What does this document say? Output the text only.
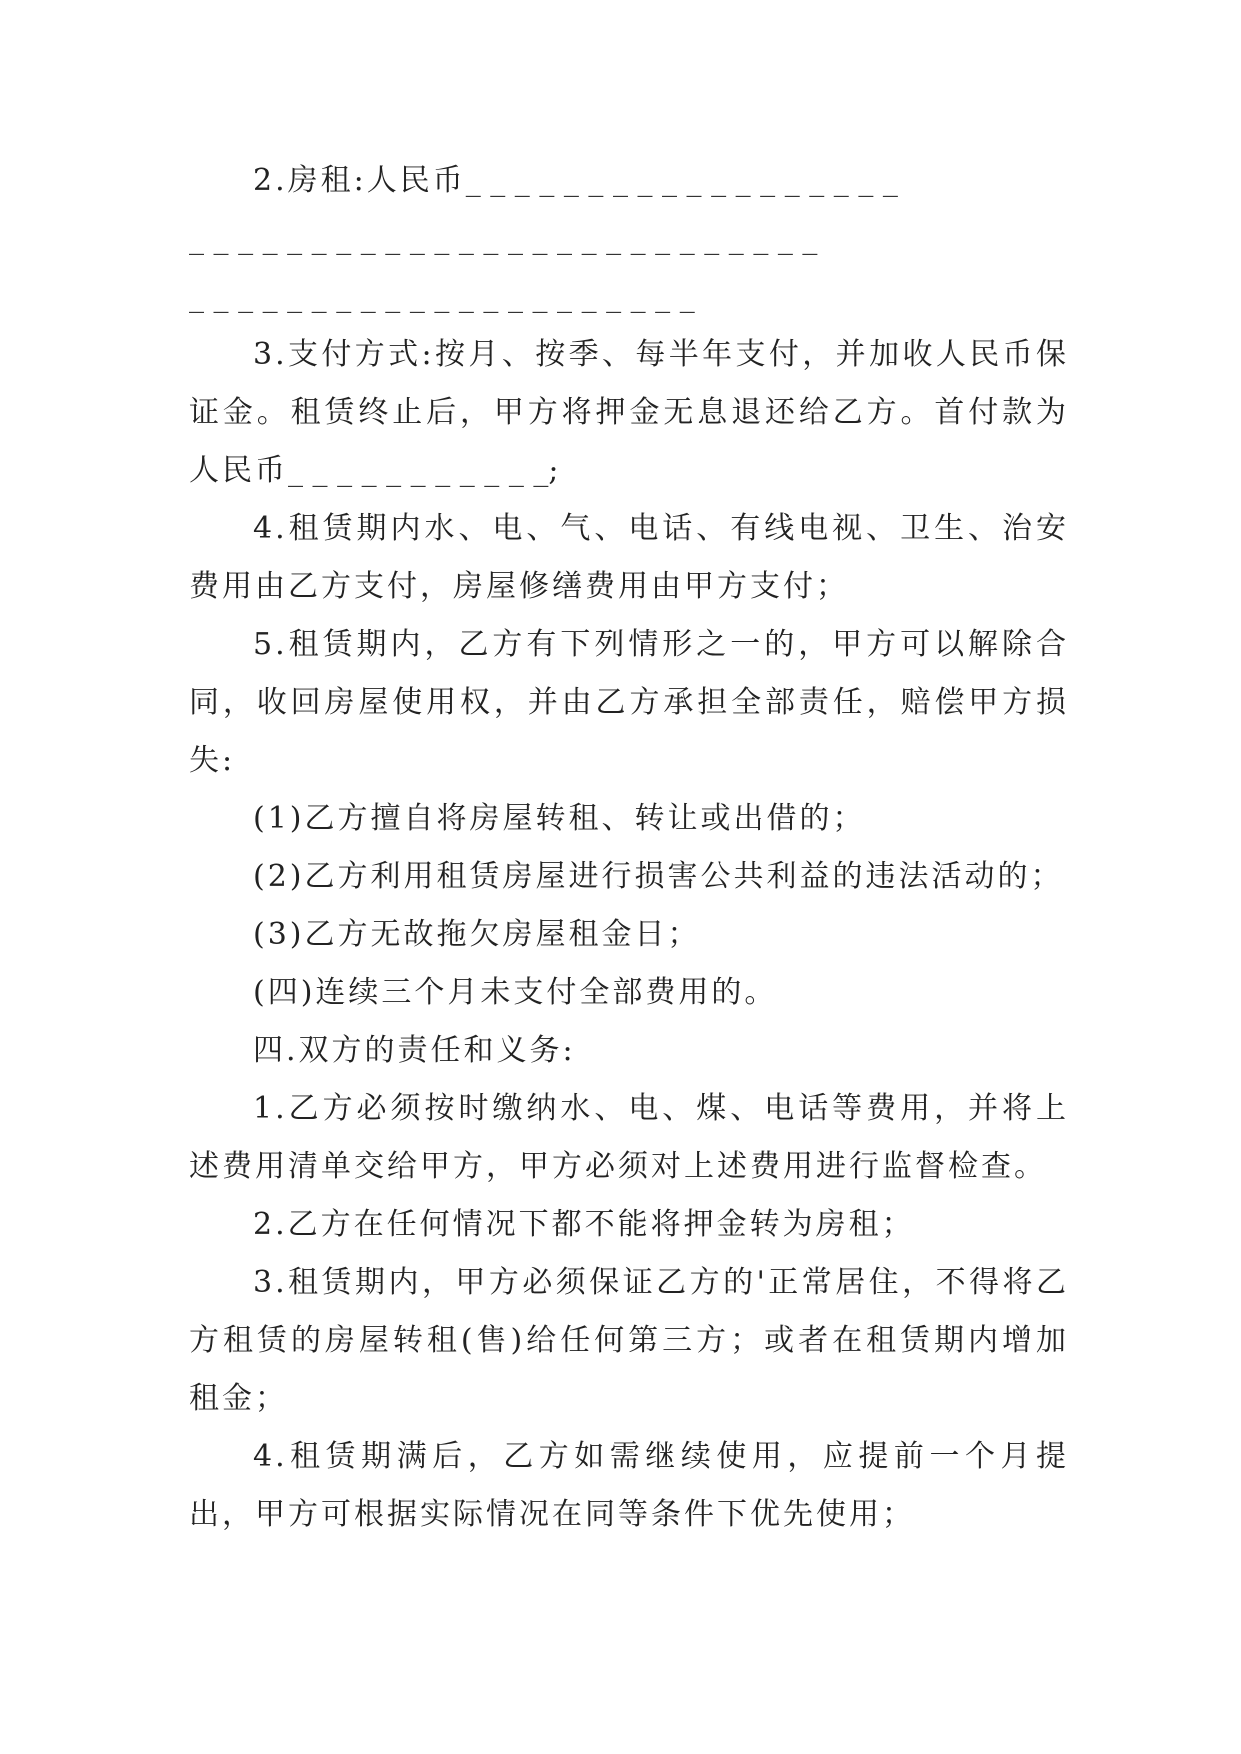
2.房租:人民币_ _ _ _ _ _ _ _ _ _ _ _ _ _ _ _ _ _

_ _ _ _ _ _ _ _ _ _ _ _ _ _ _ _ _ _ _ _ _ _ _ _ _ _

_ _ _ _ _ _ _ _ _ _ _ _ _ _ _ _ _ _ _ _ _

3.支付方式:按月、按季、每半年支付，并加收人民币保证金。租赁终止后，甲方将押金无息退还给乙方。首付款为人民币_ _ _ _ _ _ _ _ _ _ _;

4.租赁期内水、电、气、电话、有线电视、卫生、治安费用由乙方支付，房屋修缮费用由甲方支付；

5.租赁期内，乙方有下列情形之一的，甲方可以解除合同，收回房屋使用权，并由乙方承担全部责任，赔偿甲方损失:

(1)乙方擅自将房屋转租、转让或出借的；

(2)乙方利用租赁房屋进行损害公共利益的违法活动的；

(3)乙方无故拖欠房屋租金日；

(四)连续三个月未支付全部费用的。

四.双方的责任和义务:

1.乙方必须按时缴纳水、电、煤、电话等费用，并将上述费用清单交给甲方，甲方必须对上述费用进行监督检查。

2.乙方在任何情况下都不能将押金转为房租；

3.租赁期内，甲方必须保证乙方的'正常居住，不得将乙方租赁的房屋转租(售)给任何第三方；或者在租赁期内增加租金；

4.租赁期满后，乙方如需继续使用，应提前一个月提出，甲方可根据实际情况在同等条件下优先使用；
